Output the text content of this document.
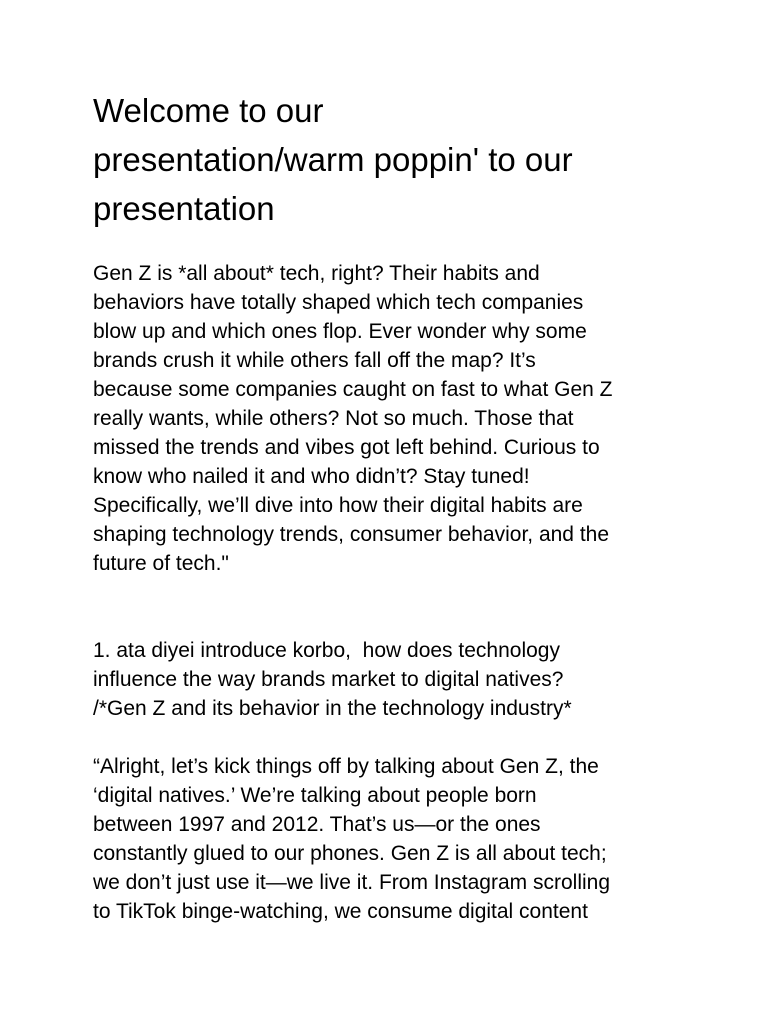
Welcome to our
presentation/warm poppin' to our
presentation

Gen Z is *all about* tech, right? Their habits and
behaviors have totally shaped which tech companies
blow up and which ones flop. Ever wonder why some
brands crush it while others fall off the map? It’s
because some companies caught on fast to what Gen Z
really wants, while others? Not so much. Those that
missed the trends and vibes got left behind. Curious to
know who nailed it and who didn’t? Stay tuned!
Specifically, we’ll dive into how their digital habits are
shaping technology trends, consumer behavior, and the
future of tech."

1. ata diyei introduce korbo,  how does technology
influence the way brands market to digital natives?
/*Gen Z and its behavior in the technology industry*

“Alright, let’s kick things off by talking about Gen Z, the
‘digital natives.’ We’re talking about people born
between 1997 and 2012. That’s us—or the ones
constantly glued to our phones. Gen Z is all about tech;
we don’t just use it—we live it. From Instagram scrolling
to TikTok binge-watching, we consume digital content
